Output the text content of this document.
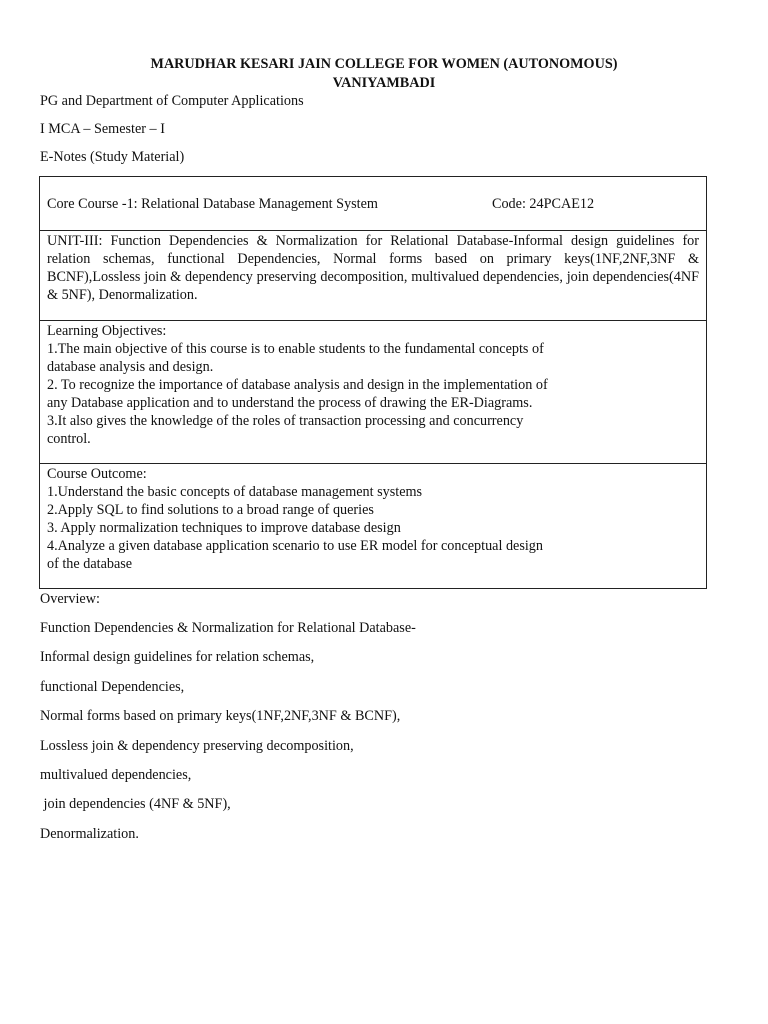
MARUDHAR KESARI JAIN COLLEGE FOR WOMEN (AUTONOMOUS)
VANIYAMBADI
PG and Department of Computer Applications
I MCA – Semester – I
E-Notes (Study Material)
Core Course -1: Relational Database Management System	Code: 24PCAE12
UNIT-III: Function Dependencies & Normalization for Relational Database-Informal design guidelines for relation schemas, functional Dependencies, Normal forms based on primary keys(1NF,2NF,3NF & BCNF),Lossless join & dependency preserving decomposition, multivalued dependencies, join dependencies(4NF & 5NF), Denormalization.
Learning Objectives:
1.The main objective of this course is to enable students to the fundamental concepts of
database analysis and design.
2. To recognize the importance of database analysis and design in the implementation of
any Database application and to understand the process of drawing the ER-Diagrams.
3.It also gives the knowledge of the roles of transaction processing and concurrency
control.
Course Outcome:
1.Understand the basic concepts of database management systems
2.Apply SQL to find solutions to a broad range of queries
3. Apply normalization techniques to improve database design
4.Analyze a given database application scenario to use ER model for conceptual design
of the database
Overview:
Function Dependencies & Normalization for Relational Database-
Informal design guidelines for relation schemas,
functional Dependencies,
Normal forms based on primary keys(1NF,2NF,3NF & BCNF),
Lossless join & dependency preserving decomposition,
multivalued dependencies,
join dependencies (4NF & 5NF),
Denormalization.
